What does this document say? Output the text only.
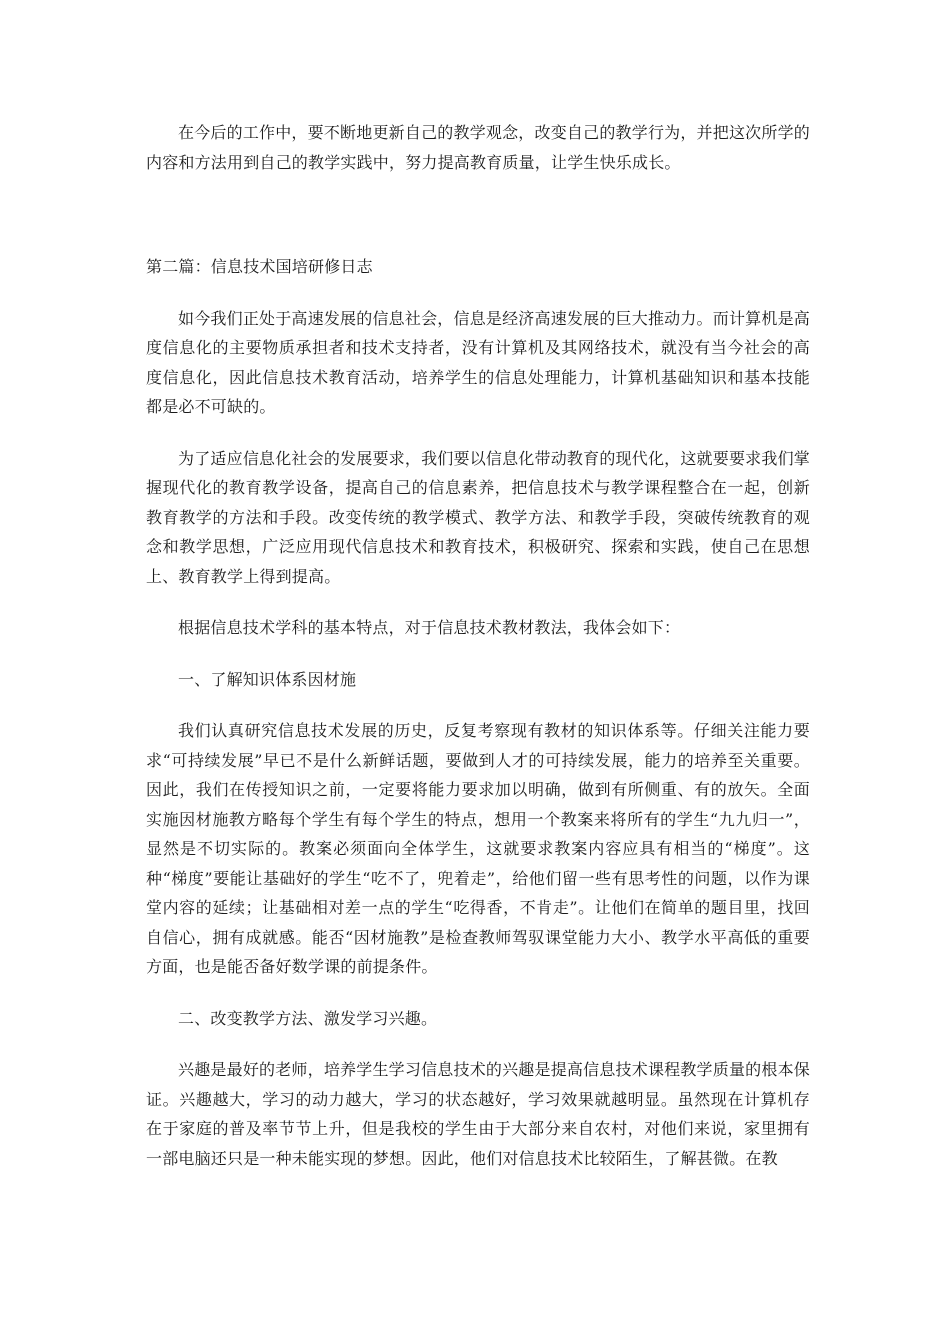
在今后的工作中，要不断地更新自己的教学观念，改变自己的教学行为，并把这次所学的内容和方法用到自己的教学实践中，努力提高教育质量，让学生快乐成长。

第二篇：信息技术国培研修日志

如今我们正处于高速发展的信息社会，信息是经济高速发展的巨大推动力。而计算机是高度信息化的主要物质承担者和技术支持者，没有计算机及其网络技术，就没有当今社会的高度信息化，因此信息技术教育活动，培养学生的信息处理能力，计算机基础知识和基本技能都是必不可缺的。

为了适应信息化社会的发展要求，我们要以信息化带动教育的现代化，这就要要求我们掌握现代化的教育教学设备，提高自己的信息素养，把信息技术与教学课程整合在一起，创新教育教学的方法和手段。改变传统的教学模式、教学方法、和教学手段，突破传统教育的观念和教学思想，广泛应用现代信息技术和教育技术，积极研究、探索和实践，使自己在思想上、教育教学上得到提高。

根据信息技术学科的基本特点，对于信息技术教材教法，我体会如下：

一、了解知识体系因材施

我们认真研究信息技术发展的历史，反复考察现有教材的知识体系等。仔细关注能力要求“可持续发展”早已不是什么新鲜话题，要做到人才的可持续发展，能力的培养至关重要。因此，我们在传授知识之前，一定要将能力要求加以明确，做到有所侧重、有的放矢。全面实施因材施教方略每个学生有每个学生的特点，想用一个教案来将所有的学生“九九归一”，显然是不切实际的。教案必须面向全体学生，这就要求教案内容应具有相当的“梯度”。这种“梯度”要能让基础好的学生“吃不了，兜着走”，给他们留一些有思考性的问题，以作为课堂内容的延续；让基础相对差一点的学生“吃得香，不肯走”。让他们在简单的题目里，找回自信心，拥有成就感。能否“因材施教”是检查教师驾驭课堂能力大小、教学水平高低的重要方面，也是能否备好数学课的前提条件。

二、改变教学方法、激发学习兴趣。

兴趣是最好的老师，培养学生学习信息技术的兴趣是提高信息技术课程教学质量的根本保证。兴趣越大，学习的动力越大，学习的状态越好，学习效果就越明显。虽然现在计算机存在于家庭的普及率节节上升，但是我校的学生由于大部分来自农村，对他们来说，家里拥有一部电脑还只是一种未能实现的梦想。因此，他们对信息技术比较陌生，了解甚微。在教
